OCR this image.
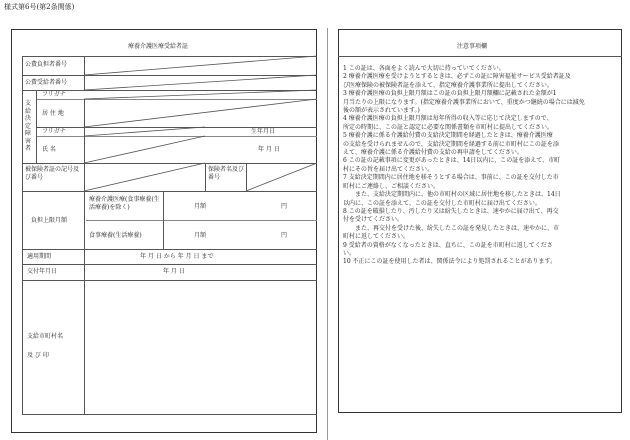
様式第6号(第2条関係)
療養介護医療受給者証
公費負担者番号
公費受給者番号
フリガナ
居 住 地
支給決定障害者
フリガナ	生年月日
氏 名	年 月 日
被保険者証の記号及び番号
保険者名及び番号
負担上限月額
療養介護医療(食事療養(生活療養)を除く)
食事療養(生活療養)
月額	円
月額	円
適用期間	年 月 日 から 年 月 日 まで
交付年月日	年 月 日
支給市町村名
及 び 印
注意事項欄
1 この証は、各面をよく読んで大切に持っていてください。
2 療養介護医療を受けようとするときは、必ずこの証に障害福祉サービス受給者証及
び医療保険の被保険者証を添えて、指定療養介護事業所に提出してください。
3 療養介護医療の負担上限月額はこの証の負担上限月額欄に記載された金額が1
月当たりの上限になります。(指定療養介護事業所において、重度かつ継続の場合には減免
後の額が表示されています。)
4 療養介護医療の負担上限月額は毎年所得の収入等に応じて決定しますので、
所定の時期に、この証と認定に必要な関係書類を市町村に提出してください。
5 療養介護に係る介護給付費の支給決定期間を経過したときは、療養介護医療
の支給を受けられませんので、支給決定期間を経過する前に市町村にこの証を添
えて、療養介護に係る介護給付費の支給の再申請をしてください。
6 この証の記載事項に変更があったときは、14日以内に、この証を添えて、市町
村にその旨を届け出てください。
7 支給決定期間内に居住地を移そうとする場合は、事前に、この証を交付した市
町村にご連絡し、ご相談ください。
また、支給決定期間内に、他の市町村の区域に居住地を移したときは、14日
以内に、この証を添えて、この証を交付した市町村に届け出てください。
8 この証を破損したり、汚したり又は紛失したときは、速やかに届け出て、再交
付を受けてください。
また、再交付を受けた後、紛失したこの証を発見したときは、速やかに、市
町村に返してください。
9 受給者の資格がなくなったときは、直ちに、この証を市町村に返してくださ
い。
10 不正にこの証を使用した者は、関係法令により処罰されることがあります。
